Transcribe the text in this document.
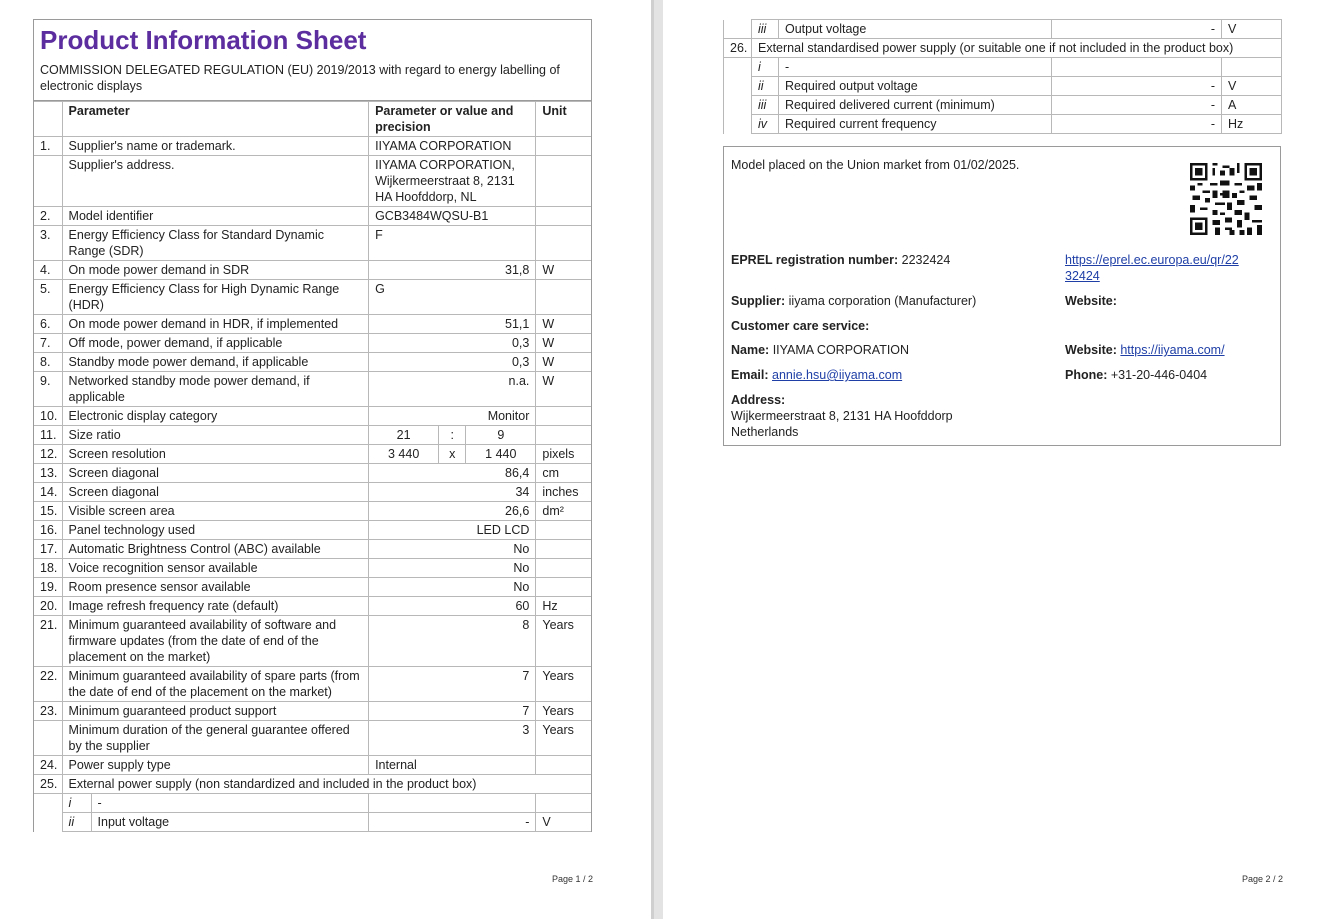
Product Information Sheet
COMMISSION DELEGATED REGULATION (EU) 2019/2013 with regard to energy labelling of electronic displays
	Parameter	Parameter or value and precision			Unit
1.	Supplier's name or trademark.	IIYAMA CORPORATION			
	Supplier's address.	IIYAMA CORPORATION, Wijkermeerstraat 8, 2131 HA Hoofddorp, NL			
2.	Model identifier	GCB3484WQSU-B1			
3.	Energy Efficiency Class for Standard Dynamic Range (SDR)	F			
4.	On mode power demand in SDR	31,8			W
5.	Energy Efficiency Class for High Dynamic Range (HDR)	G			
6.	On mode power demand in HDR, if implemented	51,1			W
7.	Off mode, power demand, if applicable	0,3			W
8.	Standby mode power demand, if applicable	0,3			W
9.	Networked standby mode power demand, if applicable	n.a.			W
10.	Electronic display category	Monitor			
11.	Size ratio	21	:	9	
12.	Screen resolution	3 440	x	1 440	pixels
13.	Screen diagonal	86,4			cm
14.	Screen diagonal	34			inches
15.	Visible screen area	26,6			dm²
16.	Panel technology used	LED LCD			
17.	Automatic Brightness Control (ABC) available	No			
18.	Voice recognition sensor available	No			
19.	Room presence sensor available	No			
20.	Image refresh frequency rate (default)	60			Hz
21.	Minimum guaranteed availability of software and firmware updates (from the date of end of the placement on the market)	8			Years
22.	Minimum guaranteed availability of spare parts (from the date of end of the placement on the market)	7			Years
23.	Minimum guaranteed product support	7			Years
	Minimum duration of the general guarantee offered by the supplier	3			Years
24.	Power supply type	Internal			
25.	External power supply (non standardized and included in the product box)				

	i -				

	ii Input voltage	-			V
Page 1 / 2
	iii	Output voltage	-	V
26.	External standardised power supply (or suitable one if not included in the product box)			
	i	-		
	ii	Required output voltage	-	V
	iii	Required delivered current (minimum)	-	A
	iv	Required current frequency	-	Hz
Model placed on the Union market from 01/02/2025.
EPREL registration number: 2232424	https://eprel.ec.europa.eu/qr/22
32424
Supplier: iiyama corporation (Manufacturer)	Website:
Customer care service:
Name: IIYAMA CORPORATION	Website: https://iiyama.com/
Email: annie.hsu@iiyama.com	Phone: +31-20-446-0404
Address:
Wijkermeerstraat 8, 2131 HA Hoofddorp
Netherlands
Page 2 / 2
